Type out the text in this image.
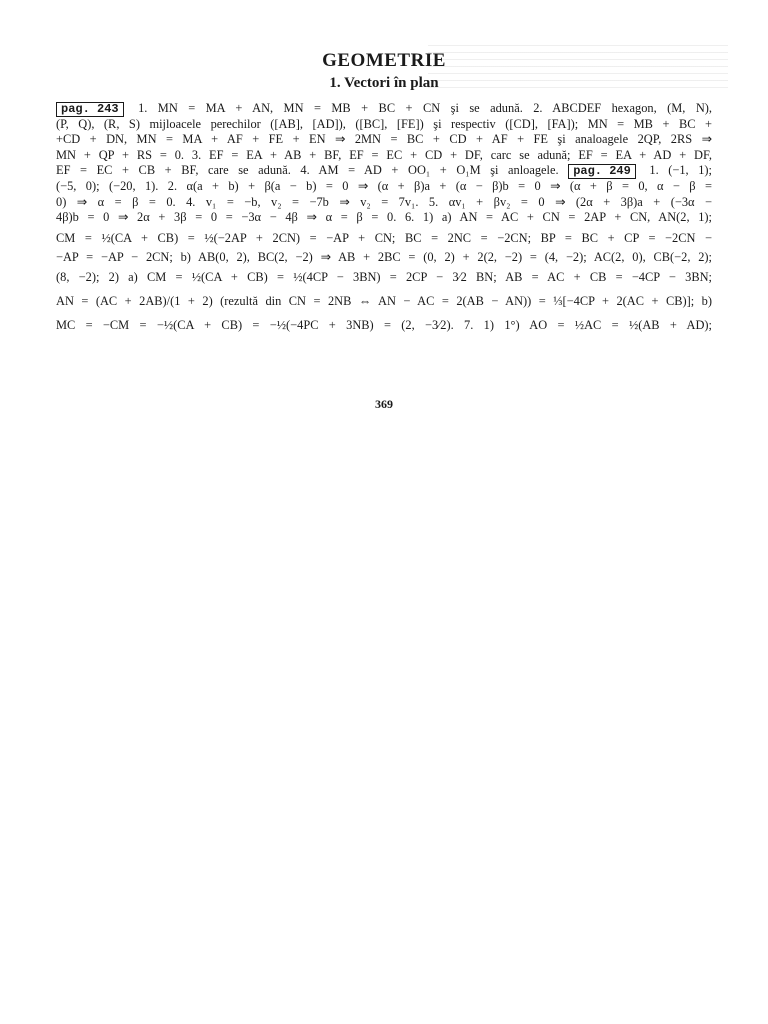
GEOMETRIE
1. Vectori în plan
pag. 243 1. MN = MA + AN, MN = MB + BC + CN şi se adună. 2. ABCDEF hexagon, (M, N),
(P, Q), (R, S) mijloacele perechilor ([AB], [AD]), ([BC], [FE]) şi respectiv ([CD], [FA]); MN = MB + BC +
+CD + DN, MN = MA + AF + FE + EN ⇒ 2MN = BC + CD + AF + FE şi analoagele 2QP, 2RS ⇒
MN + QP + RS = 0. 3. EF = EA + AB + BF, EF = EC + CD + DF, carc se adună; EF = EA + AD + DF,
EF = EC + CB + BF, care se adună. 4. AM = AD + OO₁ + O₁M şi anloagele. pag. 249 1. (−1, 1);
(−5, 0); (−20, 1). 2. α(a + b) + β(a − b) = 0 ⇒ (α + β)a + (α − β)b = 0 ⇒ (α + β = 0, α − β =
0) ⇒ α = β = 0. 4. v₁ = −b, v₂ = −7b ⇒ v₂ = 7v₁. 5. αv₁ + βv₂ = 0 ⇒ (2α + 3β)a + (−3α −
4β)b = 0 ⇒ 2α + 3β = 0 = −3α − 4β ⇒ α = β = 0. 6. 1) a) AN = AC + CN = 2AP + CN, AN(2, 1);
CM = ½(CA + CB) = ½(−2AP + 2CN) = −AP + CN; BC = 2NC = −2CN; BP = BC + CP = −2CN −
−AP = −AP − 2CN; b) AB(0, 2), BC(2, −2) ⇒ AB + 2BC = (0, 2) + 2(2, −2) = (4, −2); AC(2, 0), CB(−2, 2);
(8, −2); 2) a) CM = ½(CA + CB) = ½(4CP − 3BN) = 2CP − 3⁄2 BN; AB = AC + CB = −4CP − 3BN;
AN = (AC + 2AB)/(1 + 2) (rezultă din CN = 2NB ⇔ AN − AC = 2(AB − AN)) = ⅓[−4CP + 2(AC + CB)]; b)
MC = −CM = −½(CA + CB) = −½(−4PC + 3NB) = (2, −3⁄2). 7. 1) 1°) AO = ½AC = ½(AB + AD);
369
